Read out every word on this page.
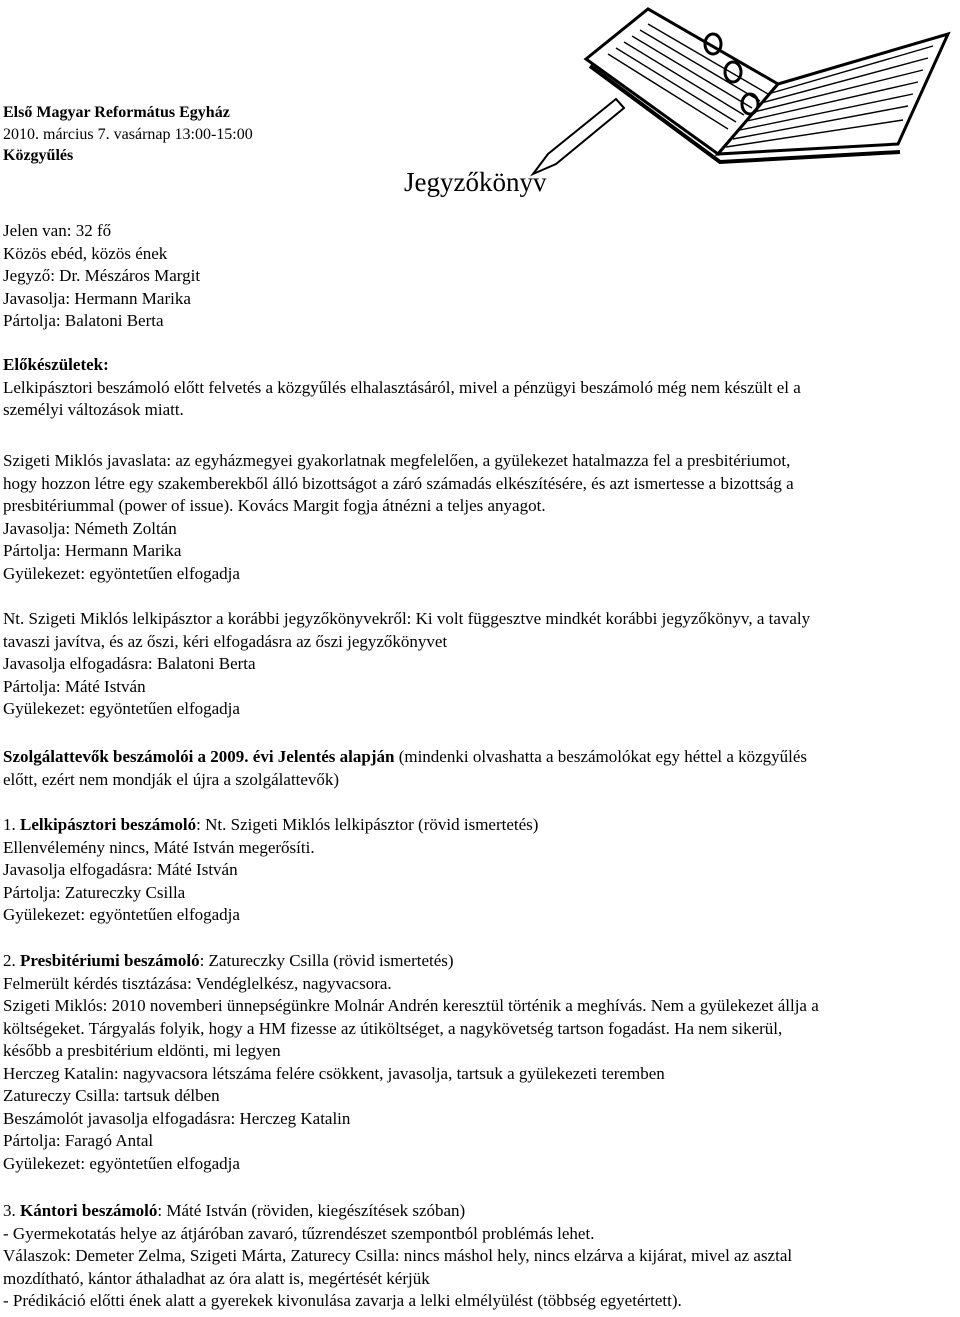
Első Magyar Református Egyház

2010. március 7. vasárnap 13:00-15:00

Közgyűlés

Jegyzőkönyv

Jelen van: 32 fő

Közös ebéd, közös ének

Jegyző: Dr. Mészáros Margit

Javasolja: Hermann Marika

Pártolja: Balatoni Berta

Előkészületek:

Lelkipásztori beszámoló előtt felvetés a közgyűlés elhalasztásáról, mivel a pénzügyi beszámoló még nem készült el a

személyi változások miatt.

Szigeti Miklós javaslata: az egyházmegyei gyakorlatnak megfelelően, a gyülekezet hatalmazza fel a presbitériumot,

hogy hozzon létre egy szakemberekből álló bizottságot a záró számadás elkészítésére, és azt ismertesse a bizottság a

presbitériummal (power of issue). Kovács Margit fogja átnézni a teljes anyagot.

Javasolja: Németh Zoltán

Pártolja: Hermann Marika

Gyülekezet: egyöntetűen elfogadja

Nt. Szigeti Miklós lelkipásztor a korábbi jegyzőkönyvekről: Ki volt függesztve mindkét korábbi jegyzőkönyv, a tavaly

tavaszi javítva, és az őszi, kéri elfogadásra az őszi jegyzőkönyvet

Javasolja elfogadásra: Balatoni Berta

Pártolja: Máté István

Gyülekezet: egyöntetűen elfogadja

Szolgálattevők beszámolói a 2009. évi Jelentés alapján (mindenki olvashatta a beszámolókat egy héttel a közgyűlés

előtt, ezért nem mondják el újra a szolgálattevők)

1. Lelkipásztori beszámoló: Nt. Szigeti Miklós lelkipásztor (rövid ismertetés)

Ellenvélemény nincs, Máté István megerősíti.

Javasolja elfogadásra: Máté István

Pártolja: Zatureczky Csilla

Gyülekezet: egyöntetűen elfogadja

2. Presbitériumi beszámoló: Zatureczky Csilla (rövid ismertetés)

Felmerült kérdés tisztázása: Vendéglelkész, nagyvacsora.

Szigeti Miklós: 2010 novemberi ünnepségünkre Molnár Andrén keresztül történik a meghívás. Nem a gyülekezet állja a

költségeket. Tárgyalás folyik, hogy a HM fizesse az útiköltséget, a nagykövetség tartson fogadást. Ha nem sikerül,

később a presbitérium eldönti, mi legyen

Herczeg Katalin: nagyvacsora létszáma felére csökkent, javasolja, tartsuk a gyülekezeti teremben

Zatureczy Csilla: tartsuk délben

Beszámolót javasolja elfogadásra: Herczeg Katalin

Pártolja: Faragó Antal

Gyülekezet: egyöntetűen elfogadja

3. Kántori beszámoló: Máté István (röviden, kiegészítések szóban)

- Gyermekotatás helye az átjáróban zavaró, tűzrendészet szempontból problémás lehet.

Válaszok: Demeter Zelma, Szigeti Márta, Zaturecy Csilla: nincs máshol hely, nincs elzárva a kijárat, mivel az asztal

mozdítható, kántor áthaladhat az óra alatt is, megértését kérjük

- Prédikáció előtti ének alatt a gyerekek kivonulása zavarja a lelki elmélyülést (többség egyetértett).
